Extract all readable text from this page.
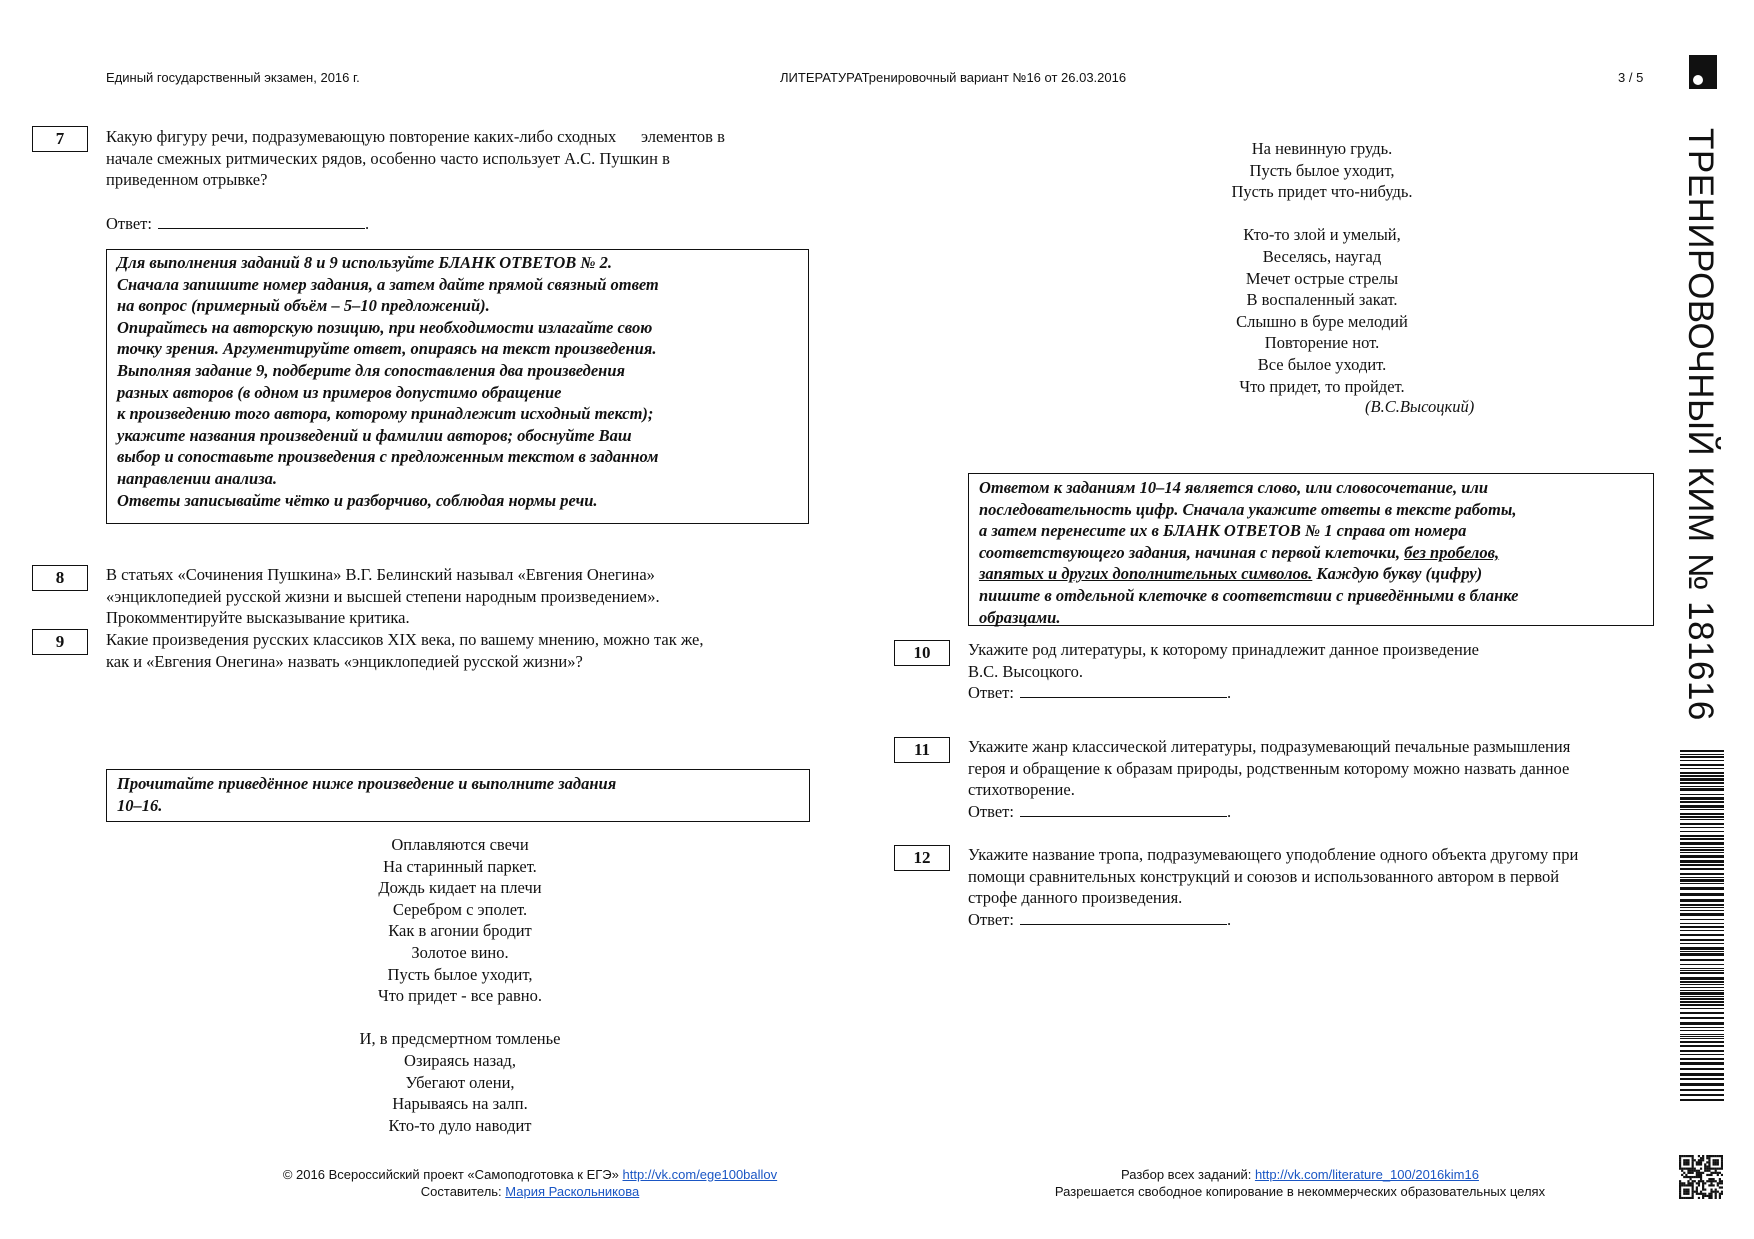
Единый государственный экзамен, 2016 г.	ЛИТЕРАТУРАТренировочный вариант №16 от 26.03.2016	3 / 5
ТРЕНИРОВОЧНЫЙ КИМ № 181616
7	Какую фигуру речи, подразумевающую повторение каких-либо сходных      элементов в
начале смежных ритмических рядов, особенно часто использует А.С. Пушкин в
приведенном отрывке?
Ответ:	.
Для выполнения заданий 8 и 9 используйте БЛАНК ОТВЕТОВ № 2.
Сначала запишите номер задания, а затем дайте прямой связный ответ
на вопрос (примерный объём – 5–10 предложений).
Опирайтесь на авторскую позицию, при необходимости излагайте свою
точку зрения. Аргументируйте ответ, опираясь на текст произведения.
Выполняя задание 9, подберите для сопоставления два произведения
разных авторов (в одном из примеров допустимо обращение
к произведению того автора, которому принадлежит исходный текст);
укажите названия произведений и фамилии авторов; обоснуйте Ваш
выбор и сопоставьте произведения с предложенным текстом в заданном
направлении анализа.
Ответы записывайте чётко и разборчиво, соблюдая нормы речи.
8	В статьях «Сочинения Пушкина» В.Г. Белинский называл «Евгения Онегина»
«энциклопедией русской жизни и высшей степени народным произведением».
Прокомментируйте высказывание критика.
9	Какие произведения русских классиков XIX века, по вашему мнению, можно так же,
как и «Евгения Онегина» назвать «энциклопедией русской жизни»?
Прочитайте приведённое ниже произведение и выполните задания
10–16.
Оплавляются свечи
На старинный паркет.
Дождь кидает на плечи
Серебром с эполет.
Как в агонии бродит
Золотое вино.
Пусть былое уходит,
Что придет - все равно.
И, в предсмертном томленье
Озираясь назад,
Убегают олени,
Нарываясь на залп.
Кто-то дуло наводит
На невинную грудь.
Пусть былое уходит,
Пусть придет что-нибудь.
Кто-то злой и умелый,
Веселясь, наугад
Мечет острые стрелы
В воспаленный закат.
Слышно в буре мелодий
Повторение нот.
Все былое уходит.
Что придет, то пройдет.
(В.С.Высоцкий)
Ответом к заданиям 10–14 является слово, или словосочетание, или
последовательность цифр. Сначала укажите ответы в тексте работы,
а затем перенесите их в БЛАНК ОТВЕТОВ № 1 справа от номера
соответствующего задания, начиная с первой клеточки, без пробелов,
запятых и других дополнительных символов. Каждую букву (цифру)
пишите в отдельной клеточке в соответствии с приведёнными в бланке
образцами.
10	Укажите род литературы, к которому принадлежит данное произведение
В.С. Высоцкого.
Ответ:	.
11	Укажите жанр классической литературы, подразумевающий печальные размышления
героя и обращение к образам природы, родственным которому можно назвать данное
стихотворение.
Ответ:	.
12	Укажите название тропа, подразумевающего уподобление одного объекта другому при
помощи сравнительных конструкций и союзов и использованного автором в первой
строфе данного произведения.
Ответ:	.
© 2016 Всероссийский проект «Самоподготовка к ЕГЭ» http://vk.com/ege100ballov
Составитель: Мария Раскольникова
Разбор всех заданий: http://vk.com/literature_100/2016kim16
Разрешается свободное копирование в некоммерческих образовательных целях
